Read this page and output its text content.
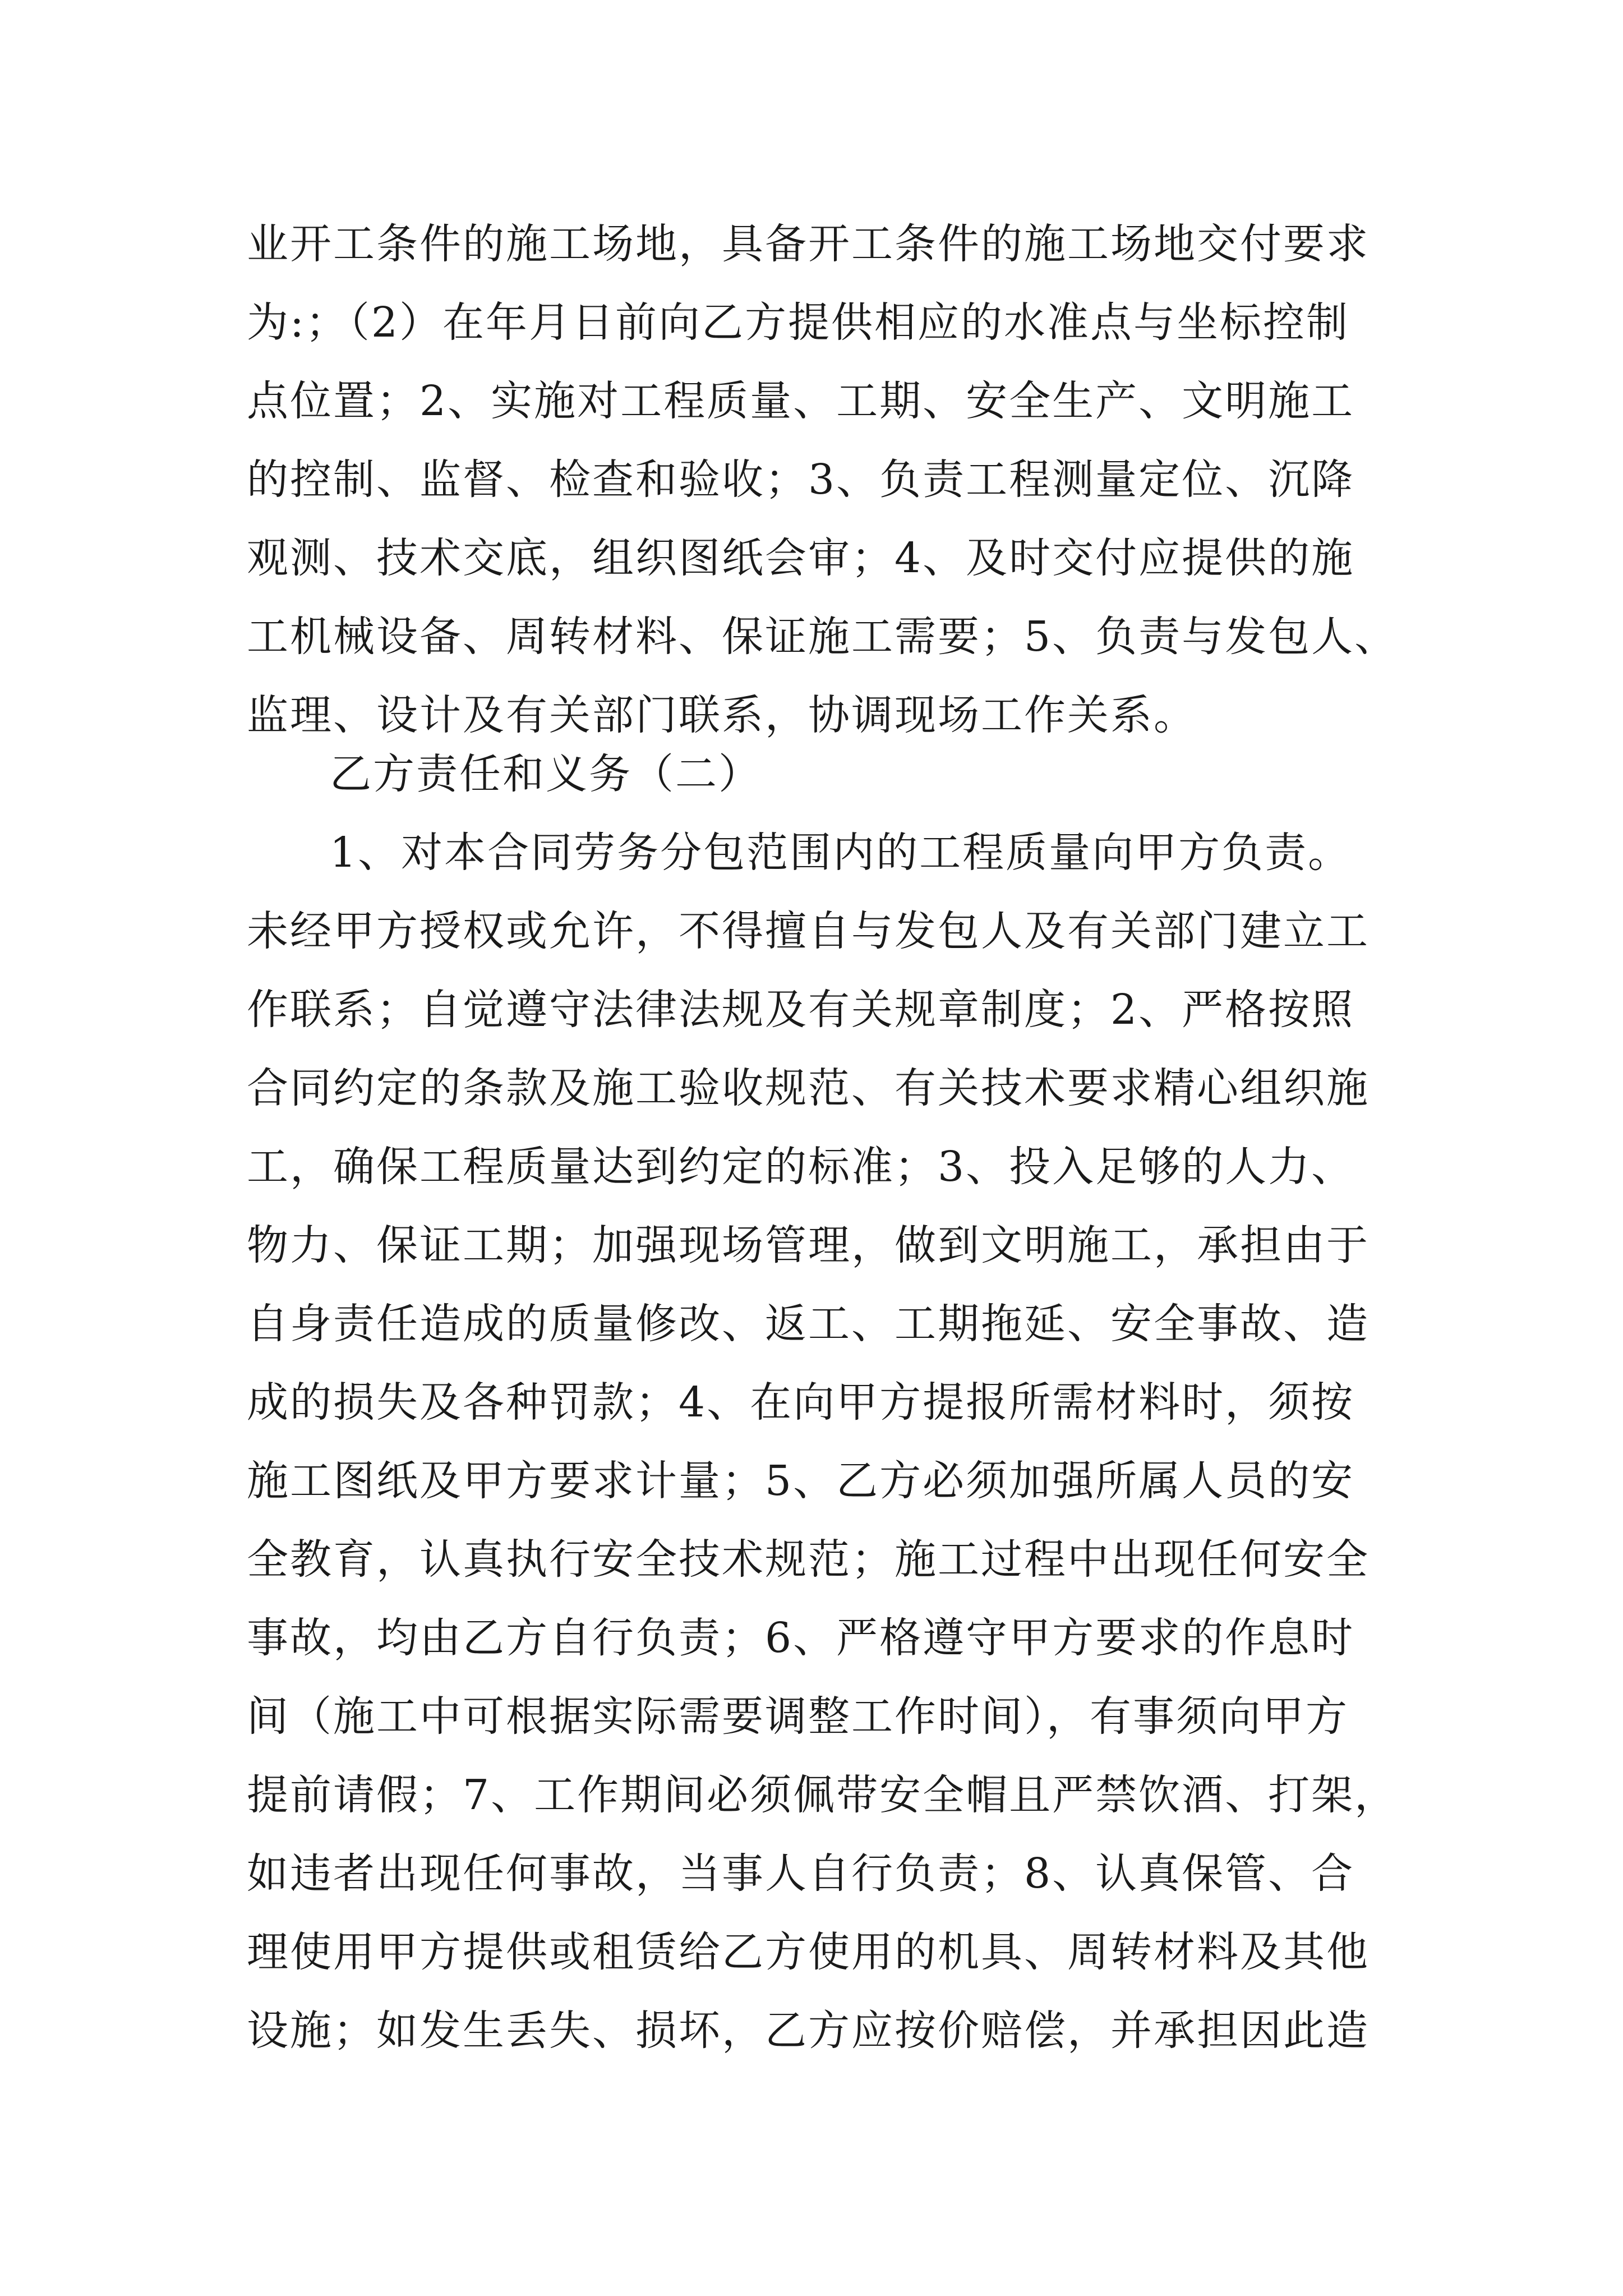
业开工条件的施工场地，具备开工条件的施工场地交付要求
为:；（2）在年月日前向乙方提供相应的水准点与坐标控制
点位置；2、实施对工程质量、工期、安全生产、文明施工
的控制、监督、检查和验收；3、负责工程测量定位、沉降
观测、技术交底，组织图纸会审；4、及时交付应提供的施
工机械设备、周转材料、保证施工需要；5、负责与发包人、
监理、设计及有关部门联系，协调现场工作关系。
乙方责任和义务（二）
1、对本合同劳务分包范围内的工程质量向甲方负责。
未经甲方授权或允许，不得擅自与发包人及有关部门建立工
作联系；自觉遵守法律法规及有关规章制度；2、严格按照
合同约定的条款及施工验收规范、有关技术要求精心组织施
工，确保工程质量达到约定的标准；3、投入足够的人力、
物力、保证工期；加强现场管理，做到文明施工，承担由于
自身责任造成的质量修改、返工、工期拖延、安全事故、造
成的损失及各种罚款；4、在向甲方提报所需材料时，须按
施工图纸及甲方要求计量；5、乙方必须加强所属人员的安
全教育，认真执行安全技术规范；施工过程中出现任何安全
事故，均由乙方自行负责；6、严格遵守甲方要求的作息时
间（施工中可根据实际需要调整工作时间），有事须向甲方
提前请假；7、工作期间必须佩带安全帽且严禁饮酒、打架，
如违者出现任何事故，当事人自行负责；8、认真保管、合
理使用甲方提供或租赁给乙方使用的机具、周转材料及其他
设施；如发生丢失、损坏，乙方应按价赔偿，并承担因此造
